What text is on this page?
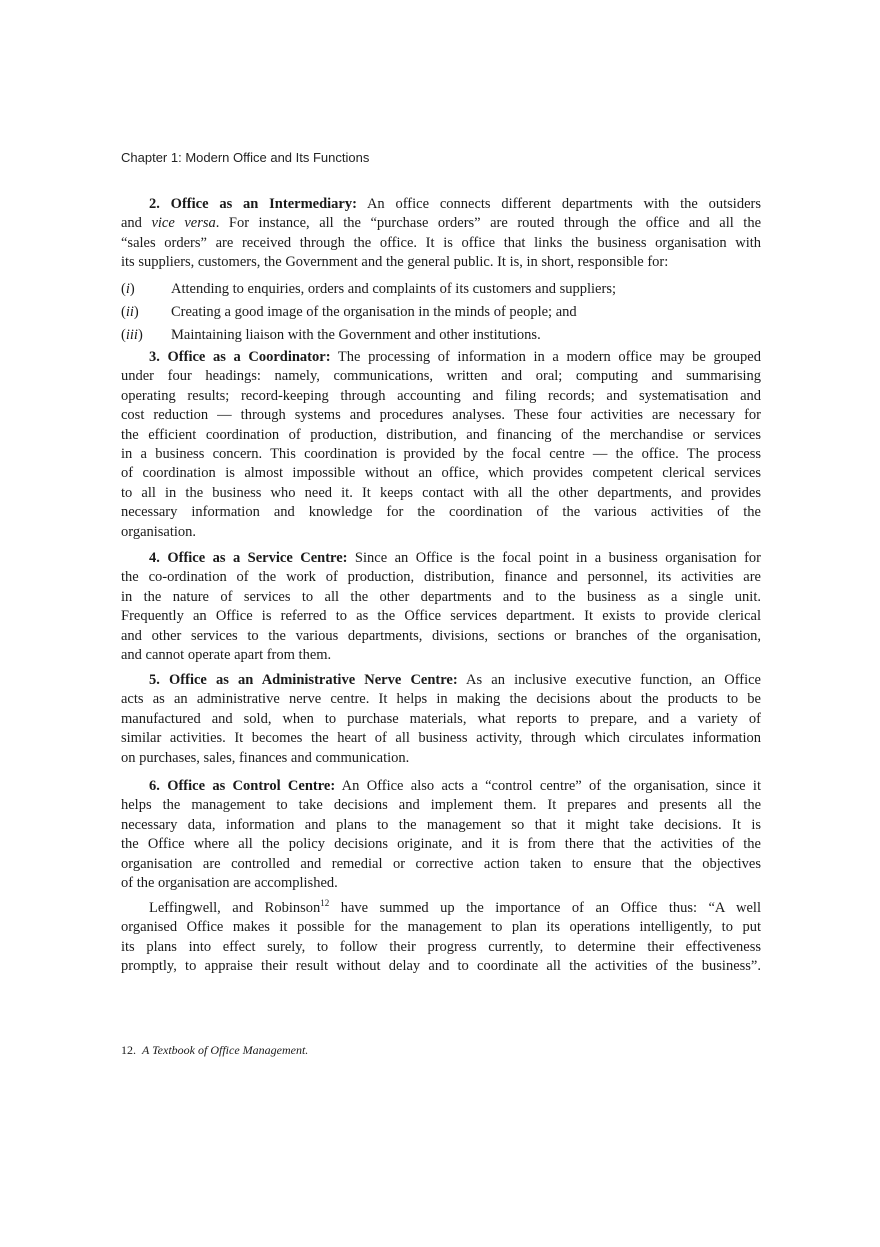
Chapter 1: Modern Office and Its Functions
2. Office as an Intermediary: An office connects different departments with the outsiders
and vice versa. For instance, all the “purchase orders” are routed through the office and all the
“sales orders” are received through the office. It is office that links the business organisation with
its suppliers, customers, the Government and the general public. It is, in short, responsible for:
(i)	Attending to enquiries, orders and complaints of its customers and suppliers;
(ii) Creating a good image of the organisation in the minds of people; and
(iii) Maintaining liaison with the Government and other institutions.
3. Office as a Coordinator: The processing of information in a modern office may be grouped
under four headings: namely, communications, written and oral; computing and summarising
operating results; record-keeping through accounting and filing records; and systematisation and
cost reduction — through systems and procedures analyses. These four activities are necessary for
the efficient coordination of production, distribution, and financing of the merchandise or services
in a business concern. This coordination is provided by the focal centre — the office. The process
of coordination is almost impossible without an office, which provides competent clerical services
to all in the business who need it. It keeps contact with all the other departments, and provides
necessary information and knowledge for the coordination of the various activities of the
organisation.
4. Office as a Service Centre: Since an Office is the focal point in a business organisation for
the co-ordination of the work of production, distribution, finance and personnel, its activities are
in the nature of services to all the other departments and to the business as a single unit.
Frequently an Office is referred to as the Office services department. It exists to provide clerical
and other services to the various departments, divisions, sections or branches of the organisation,
and cannot operate apart from them.
5. Office as an Administrative Nerve Centre: As an inclusive executive function, an Office
acts as an administrative nerve centre. It helps in making the decisions about the products to be
manufactured and sold, when to purchase materials, what reports to prepare, and a variety of
similar activities. It becomes the heart of all business activity, through which circulates information
on purchases, sales, finances and communication.
6. Office as Control Centre: An Office also acts a “control centre” of the organisation, since it
helps the management to take decisions and implement them. It prepares and presents all the
necessary data, information and plans to the management so that it might take decisions. It is
the Office where all the policy decisions originate, and it is from there that the activities of the
organisation are controlled and remedial or corrective action taken to ensure that the objectives
of the organisation are accomplished.
Leffingwell, and Robinson$^{12}$ have summed up the importance of an Office thus: “A well
organised Office makes it possible for the management to plan its operations intelligently, to put
its plans into effect surely, to follow their progress currently, to determine their effectiveness
promptly, to appraise their result without delay and to coordinate all the activities of the business”.
12. A Textbook of Office Management.
